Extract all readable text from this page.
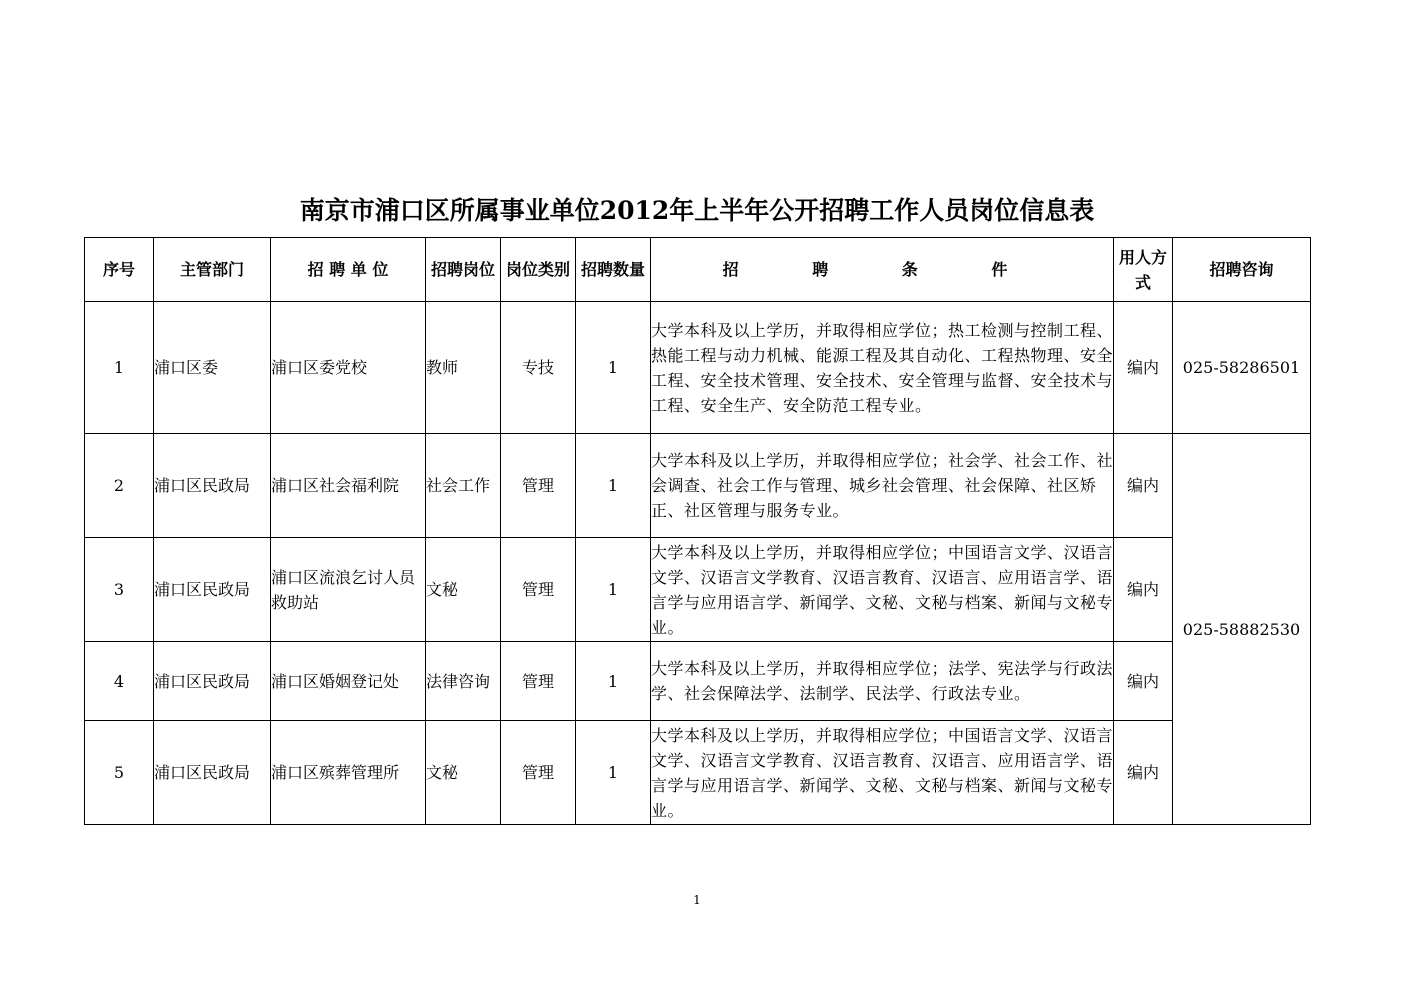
南京市浦口区所属事业单位2012年上半年公开招聘工作人员岗位信息表
序号	主管部门	招 聘 单 位	招聘岗位	岗位类别	招聘数量	招 聘 条 件	用人方式	招聘咨询
1	浦口区委	浦口区委党校	教师	专技	1	大学本科及以上学历，并取得相应学位；热工检测与控制工程、热能工程与动力机械、能源工程及其自动化、工程热物理、安全工程、安全技术管理、安全技术、安全管理与监督、安全技术与工程、安全生产、安全防范工程专业。	编内	025-58286501
2	浦口区民政局	浦口区社会福利院	社会工作	管理	1	大学本科及以上学历，并取得相应学位；社会学、社会工作、社会调查、社会工作与管理、城乡社会管理、社会保障、社区矫正、社区管理与服务专业。	编内	025-58882530
3	浦口区民政局	浦口区流浪乞讨人员救助站	文秘	管理	1	大学本科及以上学历，并取得相应学位；中国语言文学、汉语言文学、汉语言文学教育、汉语言教育、汉语言、应用语言学、语言学与应用语言学、新闻学、文秘、文秘与档案、新闻与文秘专业。	编内	
4	浦口区民政局	浦口区婚姻登记处	法律咨询	管理	1	大学本科及以上学历，并取得相应学位；法学、宪法学与行政法学、社会保障法学、法制学、民法学、行政法专业。	编内	
5	浦口区民政局	浦口区殡葬管理所	文秘	管理	1	大学本科及以上学历，并取得相应学位；中国语言文学、汉语言文学、汉语言文学教育、汉语言教育、汉语言、应用语言学、语言学与应用语言学、新闻学、文秘、文秘与档案、新闻与文秘专业。	编内	
1
